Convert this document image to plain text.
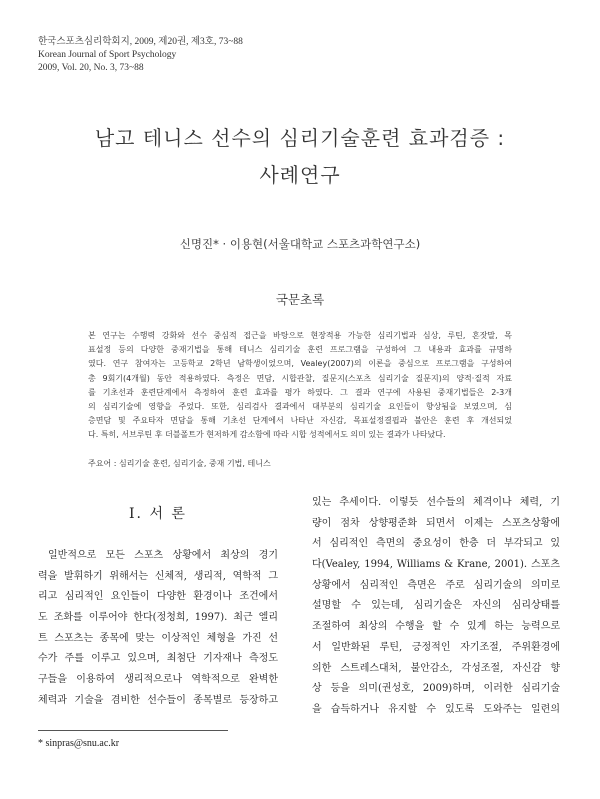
한국스포츠심리학회지, 2009, 제20권, 제3호, 73~88
Korean Journal of Sport Psychology
2009, Vol. 20, No. 3, 73~88
남고 테니스 선수의 심리기술훈련 효과검증 :
사례연구
신명진* · 이용현(서울대학교 스포츠과학연구소)
국문초록
본 연구는 수행력 강화와 선수 중심적 접근을 바탕으로 현장적용 가능한 심리기법과 심상, 루틴, 혼잣말, 목
표설정 등의 다양한 중재기법을 통해 테니스 심리기술 훈련 프로그램을 구성하여 그 내용과 효과를 규명하
였다. 연구 참여자는 고등학교 2학년 남학생이었으며, Vealey(2007)의 이론을 중심으로 프로그램을 구성하여
총 9회기(4개월) 동안 적용하였다. 측정은 면담, 시합관찰, 질문지(스포츠 심리기술 질문지)의 양적·질적 자료
를 기초선과 훈련단계에서 측정하여 훈련 효과를 평가 하였다. 그 결과 연구에 사용된 중재기법들은 2-3개
의 심리기술에 영향을 주었다. 또한, 심리검사 결과에서 대부분의 심리기술 요인들이 향상됨을 보였으며, 심
층면담 및 주요타자 면담을 통해 기초선 단계에서 나타난 자신감, 목표설정결핍과 불안은 훈련 후 개선되었
다. 특히, 서브루틴 후 더블폴트가 현저하게 감소함에 따라 시합 성적에서도 의미 있는 결과가 나타났다.
주요어 : 심리기술 훈련, 심리기술, 중재 기법, 테니스
Ⅰ. 서 론
일반적으로 모든 스포츠 상황에서 최상의 경기
력을 발휘하기 위해서는 신체적, 생리적, 역학적 그
리고 심리적인 요인들이 다양한 환경이나 조건에서
도 조화를 이루어야 한다(정청희, 1997). 최근 엘리
트 스포츠는 종목에 맞는 이상적인 체형을 가진 선
수가 주를 이루고 있으며, 최첨단 기자재나 측정도
구들을 이용하여 생리적으로나 역학적으로 완벽한
체력과 기술을 겸비한 선수들이 종목별로 등장하고
있는 추세이다. 이렇듯 선수들의 체격이나 체력, 기
량이 점차 상향평준화 되면서 이제는 스포츠상황에
서 심리적인 측면의 중요성이 한층 더 부각되고 있
다(Vealey, 1994, Williams & Krane, 2001). 스포츠
상황에서 심리적인 측면은 주로 심리기술의 의미로
설명할 수 있는데, 심리기술은 자신의 심리상태를
조절하여 최상의 수행을 할 수 있게 하는 능력으로
서 일반화된 루틴, 긍정적인 자기조절, 주위환경에
의한 스트레스대처, 불안감소, 각성조절, 자신감 향
상 등을 의미(권성호, 2009)하며, 이러한 심리기술
을 습득하거나 유지할 수 있도록 도와주는 일련의
* sinpras@snu.ac.kr
